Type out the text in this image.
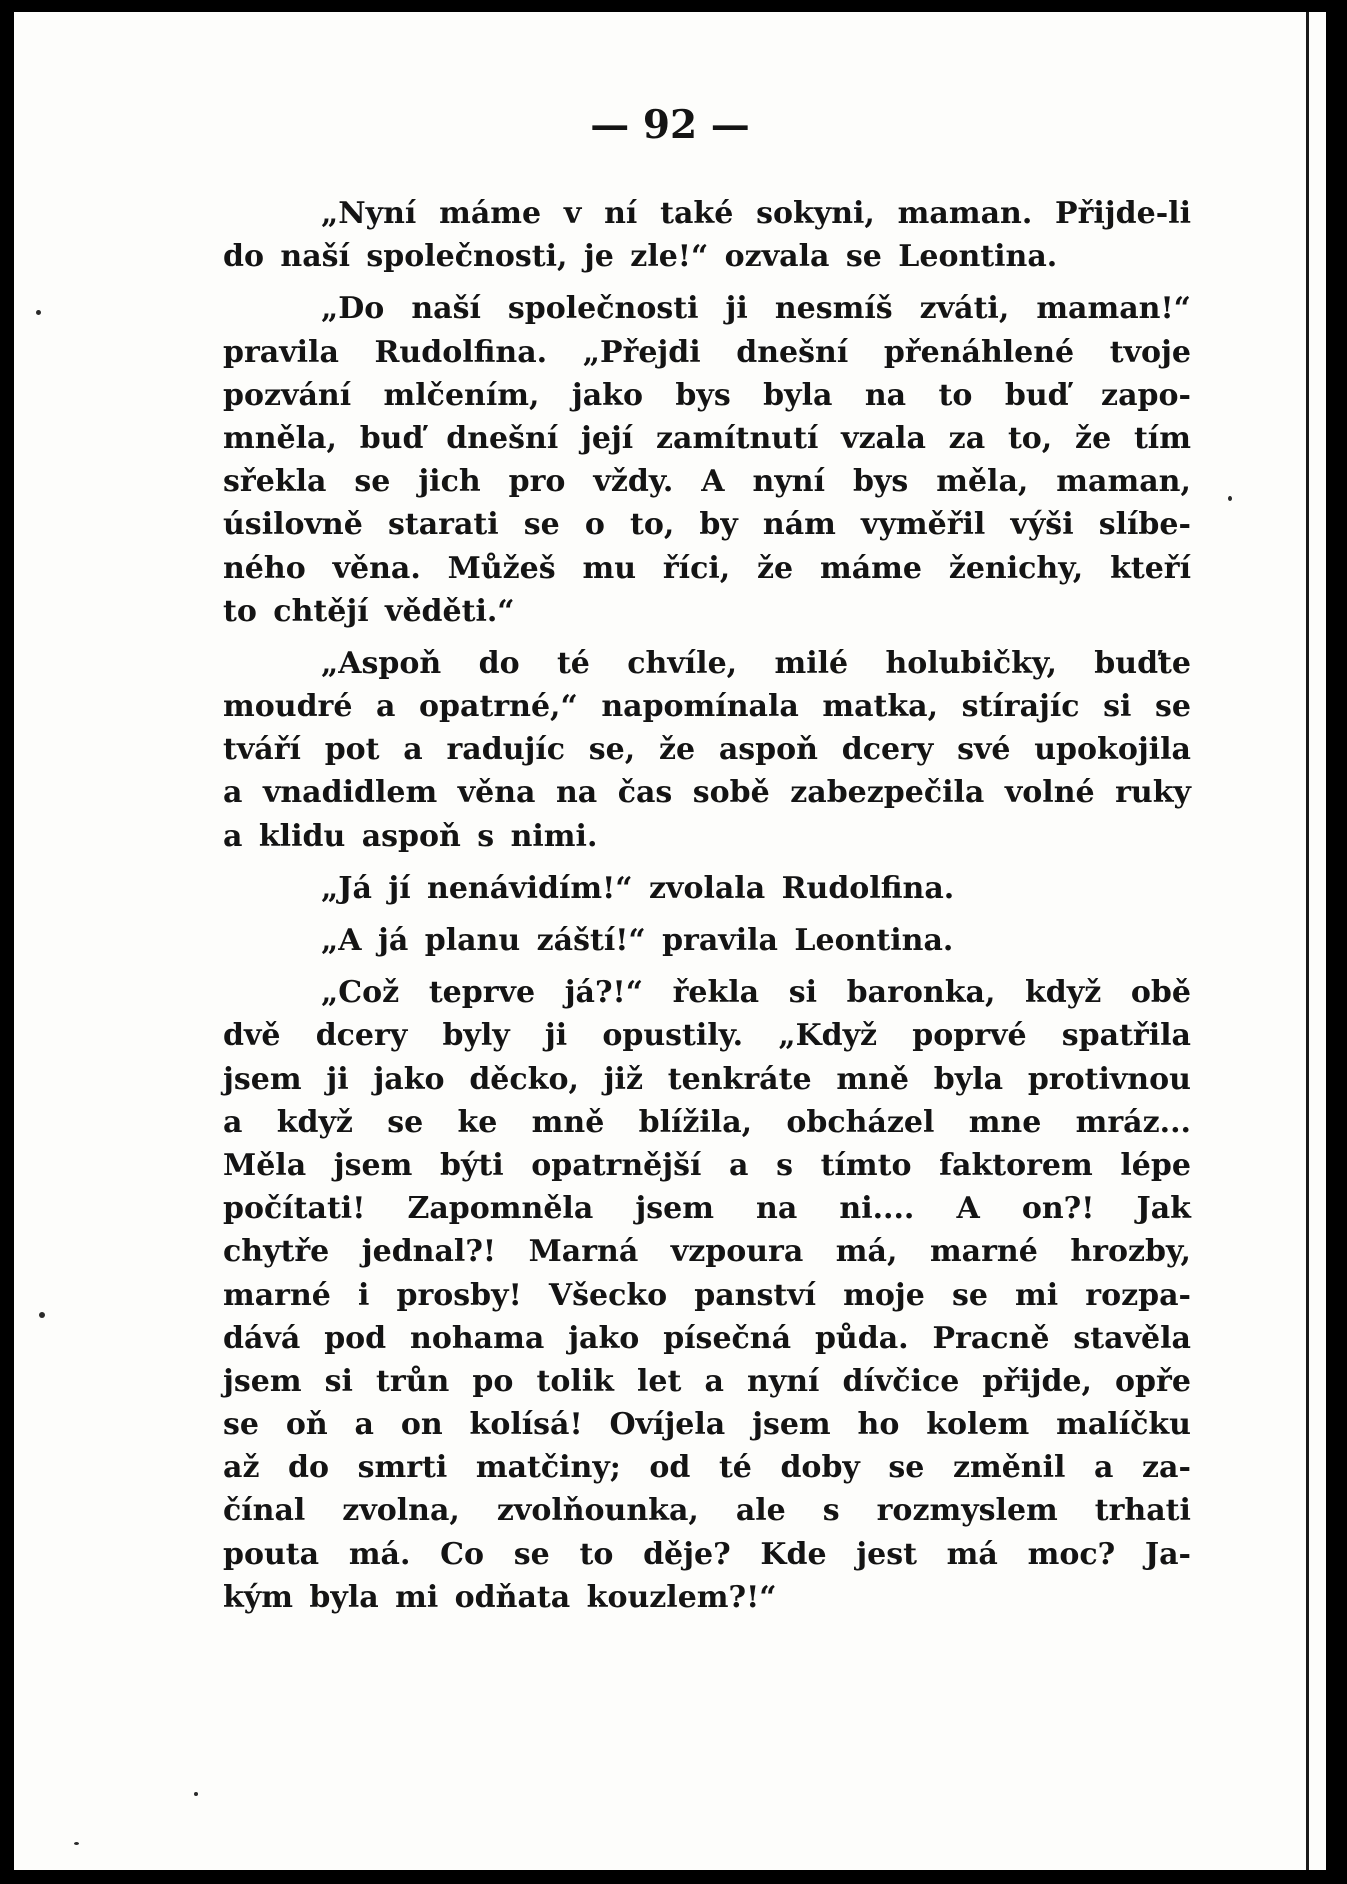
— 92 —
„Nyní máme v ní také sokyni, maman. Přijde-li
do naší společnosti, je zle!“ ozvala se Leontina.
„Do naší společnosti ji nesmíš zváti, maman!“
pravila Rudolfina. „Přejdi dnešní přenáhlené tvoje
pozvání mlčením, jako bys byla na to buď zapo-
mněla, buď dnešní její zamítnutí vzala za to, že tím
sřekla se jich pro vždy. A nyní bys měla, maman,
úsilovně starati se o to, by nám vyměřil výši slíbe-
ného věna. Můžeš mu říci, že máme ženichy, kteří
to chtějí věděti.“
„Aspoň do té chvíle, milé holubičky, buďte
moudré a opatrné,“ napomínala matka, stírajíc si se
tváří pot a radujíc se, že aspoň dcery své upokojila
a vnadidlem věna na čas sobě zabezpečila volné ruky
a klidu aspoň s nimi.
„Já jí nenávidím!“ zvolala Rudolfina.
„A já planu záští!“ pravila Leontina.
„Což teprve já?!“ řekla si baronka, když obě
dvě dcery byly ji opustily. „Když poprvé spatřila
jsem ji jako děcko, již tenkráte mně byla protivnou
a když se ke mně blížila, obcházel mne mráz...
Měla jsem býti opatrnější a s tímto faktorem lépe
počítati! Zapomněla jsem na ni.... A on?! Jak
chytře jednal?! Marná vzpoura má, marné hrozby,
marné i prosby! Všecko panství moje se mi rozpa-
dává pod nohama jako písečná půda. Pracně stavěla
jsem si trůn po tolik let a nyní dívčice přijde, opře
se oň a on kolísá! Ovíjela jsem ho kolem malíčku
až do smrti matčiny; od té doby se změnil a za-
čínal zvolna, zvolňounka, ale s rozmyslem trhati
pouta má. Co se to děje? Kde jest má moc? Ja-
kým byla mi odňata kouzlem?!“
